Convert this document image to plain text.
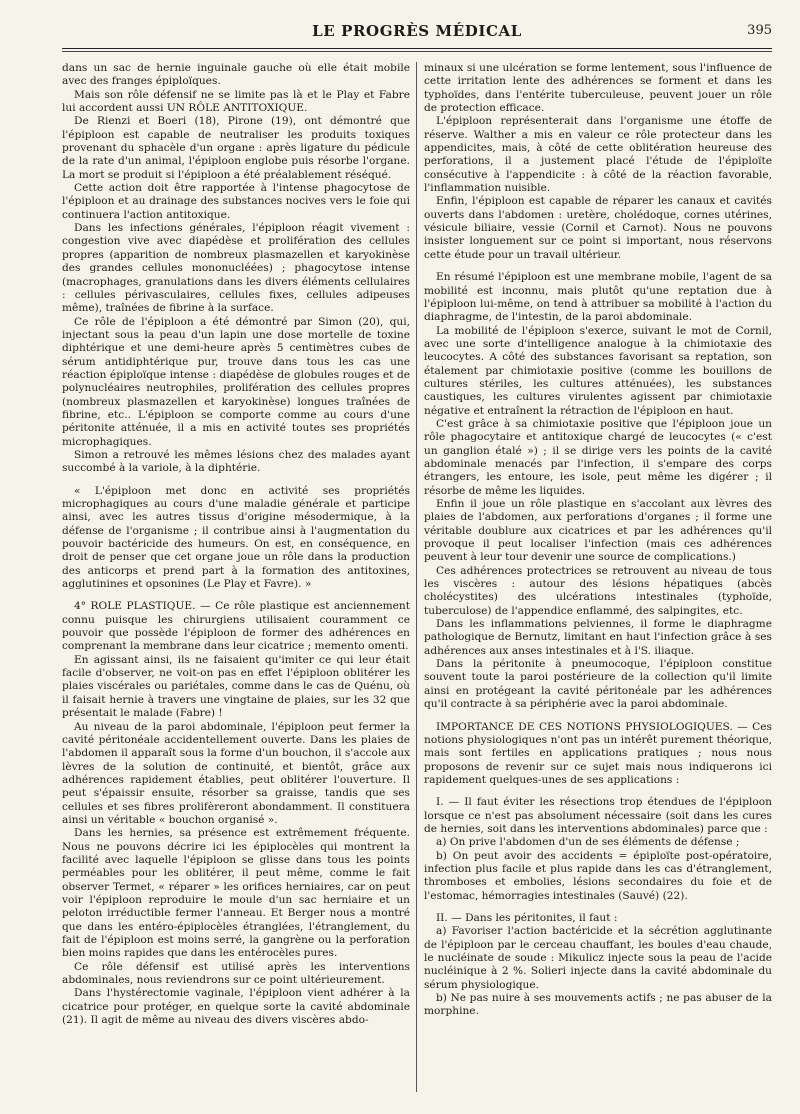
LE PROGRÈS MÉDICAL	395

dans un sac de hernie inguinale gauche où elle était mobile avec des franges épiploïques.

Mais son rôle défensif ne se limite pas là et le Play et Fabre lui accordent aussi UN RÔLE ANTITOXIQUE.

De Rienzi et Boeri (18), Pirone (19), ont démontré que l'épiploon est capable de neutraliser les produits toxiques provenant du sphacèle d'un organe : après ligature du pédicule de la rate d'un animal, l'épiploon englobe puis résorbe l'organe. La mort se produit si l'épiploon a été préalablement réséqué.

Cette action doit être rapportée à l'intense phagocytose de l'épiploon et au drainage des substances nocives vers le foie qui continuera l'action antitoxique.

Dans les infections générales, l'épiploon réagit vivement : congestion vive avec diapédèse et prolifération des cellules propres (apparition de nombreux plasmazellen et karyokinèse des grandes cellules mononucléées) ; phagocytose intense (macrophages, granulations dans les divers éléments cellulaires : cellules périvasculaires, cellules fixes, cellules adipeuses même), traînées de fibrine à la surface.

Ce rôle de l'épiploon a été démontré par Simon (20), qui, injectant sous la peau d'un lapin une dose mortelle de toxine diphtérique et une demi-heure après 5 centimètres cubes de sérum antidiphtérique pur, trouve dans tous les cas une réaction épiploïque intense : diapédèse de globules rouges et de polynucléaires neutrophiles, prolifération des cellules propres (nombreux plasmazellen et karyokinèse) longues traînées de fibrine, etc.. L'épiploon se comporte comme au cours d'une péritonite atténuée, il a mis en activité toutes ses propriétés microphagiques.

Simon a retrouvé les mêmes lésions chez des malades ayant succombé à la variole, à la diphtérie.

« L'épiploon met donc en activité ses propriétés microphagiques au cours d'une maladie générale et participe ainsi, avec les autres tissus d'origine mésodermique, à la défense de l'organisme ; il contribue ainsi à l'augmentation du pouvoir bactéricide des humeurs. On est, en conséquence, en droit de penser que cet organe joue un rôle dans la production des anticorps et prend part à la formation des antitoxines, agglutinines et opsonines (Le Play et Favre). »

4° ROLE PLASTIQUE. — Ce rôle plastique est anciennement connu puisque les chirurgiens utilisaient couramment ce pouvoir que possède l'épiploon de former des adhérences en comprenant la membrane dans leur cicatrice ; memento omenti.

En agissant ainsi, ils ne faisaient qu'imiter ce qui leur était facile d'observer, ne voit-on pas en effet l'épiploon oblitérer les plaies viscérales ou pariétales, comme dans le cas de Quénu, où il faisait hernie à travers une vingtaine de plaies, sur les 32 que présentait le malade (Fabre) !

Au niveau de la paroi abdominale, l'épiploon peut fermer la cavité péritonéale accidentellement ouverte. Dans les plaies de l'abdomen il apparaît sous la forme d'un bouchon, il s'accole aux lèvres de la solution de continuité, et bientôt, grâce aux adhérences rapidement établies, peut oblitérer l'ouverture. Il peut s'épaissir ensuite, résorber sa graisse, tandis que ses cellules et ses fibres prolifèreront abondamment. Il constituera ainsi un véritable « bouchon organisé ».

Dans les hernies, sa présence est extrêmement fréquente. Nous ne pouvons décrire ici les épiplocèles qui montrent la facilité avec laquelle l'épiploon se glisse dans tous les points perméables pour les oblitérer, il peut même, comme le fait observer Termet, « réparer » les orifices herniaires, car on peut voir l'épiploon reproduire le moule d'un sac herniaire et un peloton irréductible fermer l'anneau. Et Berger nous a montré que dans les entéro-épiplocèles étranglées, l'étranglement, du fait de l'épiploon est moins serré, la gangrène ou la perforation bien moins rapides que dans les entérocèles pures.

Ce rôle défensif est utilisé après les interventions abdominales, nous reviendrons sur ce point ultérieurement.

Dans l'hystérectomie vaginale, l'épiploon vient adhérer à la cicatrice pour protéger, en quelque sorte la cavité abdominale (21). Il agit de même au niveau des divers viscères abdo-

minaux si une ulcération se forme lentement, sous l'influence de cette irritation lente des adhérences se forment et dans les typhoïdes, dans l'entérite tuberculeuse, peuvent jouer un rôle de protection efficace.

L'épiploon représenterait dans l'organisme une étoffe de réserve. Walther a mis en valeur ce rôle protecteur dans les appendicites, mais, à côté de cette oblitération heureuse des perforations, il a justement placé l'étude de l'épiploïte consécutive à l'appendicite : à côté de la réaction favorable, l'inflammation nuisible.

Enfin, l'épiploon est capable de réparer les canaux et cavités ouverts dans l'abdomen : uretère, cholédoque, cornes utérines, vésicule biliaire, vessie (Cornil et Carnot). Nous ne pouvons insister longuement sur ce point si important, nous réservons cette étude pour un travail ultérieur.

En résumé l'épiploon est une membrane mobile, l'agent de sa mobilité est inconnu, mais plutôt qu'une reptation due à l'épiploon lui-même, on tend à attribuer sa mobilité à l'action du diaphragme, de l'intestin, de la paroi abdominale.

La mobilité de l'épiploon s'exerce, suivant le mot de Cornil, avec une sorte d'intelligence analogue à la chimiotaxie des leucocytes. A côté des substances favorisant sa reptation, son étalement par chimiotaxie positive (comme les bouillons de cultures stériles, les cultures atténuées), les substances caustiques, les cultures virulentes agissent par chimiotaxie négative et entraînent la rétraction de l'épiploon en haut.

C'est grâce à sa chimiotaxie positive que l'épiploon joue un rôle phagocytaire et antitoxique chargé de leucocytes (« c'est un ganglion étalé ») ; il se dirige vers les points de la cavité abdominale menacés par l'infection, il s'empare des corps étrangers, les entoure, les isole, peut même les digérer ; il résorbe de même les liquides.

Enfin il joue un rôle plastique en s'accolant aux lèvres des plaies de l'abdomen, aux perforations d'organes ; il forme une véritable doublure aux cicatrices et par les adhérences qu'il provoque il peut localiser l'infection (mais ces adhérences peuvent à leur tour devenir une source de complications.)

Ces adhérences protectrices se retrouvent au niveau de tous les viscères : autour des lésions hépatiques (abcès cholécystites) des ulcérations intestinales (typhoïde, tuberculose) de l'appendice enflammé, des salpingites, etc.

Dans les inflammations pelviennes, il forme le diaphragme pathologique de Bernutz, limitant en haut l'infection grâce à ses adhérences aux anses intestinales et à l'S. iliaque.

Dans la péritonite à pneumocoque, l'épiploon constitue souvent toute la paroi postérieure de la collection qu'il limite ainsi en protégeant la cavité péritonéale par les adhérences qu'il contracte à sa périphérie avec la paroi abdominale.

IMPORTANCE DE CES NOTIONS PHYSIOLOGIQUES. — Ces notions physiologiques n'ont pas un intérêt purement théorique, mais sont fertiles en applications pratiques ; nous nous proposons de revenir sur ce sujet mais nous indiquerons ici rapidement quelques-unes de ses applications :

I. — Il faut éviter les résections trop étendues de l'épiploon lorsque ce n'est pas absolument nécessaire (soit dans les cures de hernies, soit dans les interventions abdominales) parce que :

a) On prive l'abdomen d'un de ses éléments de défense ;

b) On peut avoir des accidents = épiploïte post-opératoire, infection plus facile et plus rapide dans les cas d'étranglement, thromboses et embolies, lésions secondaires du foie et de l'estomac, hémorragies intestinales (Sauvé) (22).

II. — Dans les péritonites, il faut :

a) Favoriser l'action bactéricide et la sécrétion agglutinante de l'épiploon par le cerceau chauffant, les boules d'eau chaude, le nucléinate de soude : Mikulicz injecte sous la peau de l'acide nucléinique à 2 %. Solieri injecte dans la cavité abdominale du sérum physiologique.

b) Ne pas nuire à ses mouvements actifs ; ne pas abuser de la morphine.
